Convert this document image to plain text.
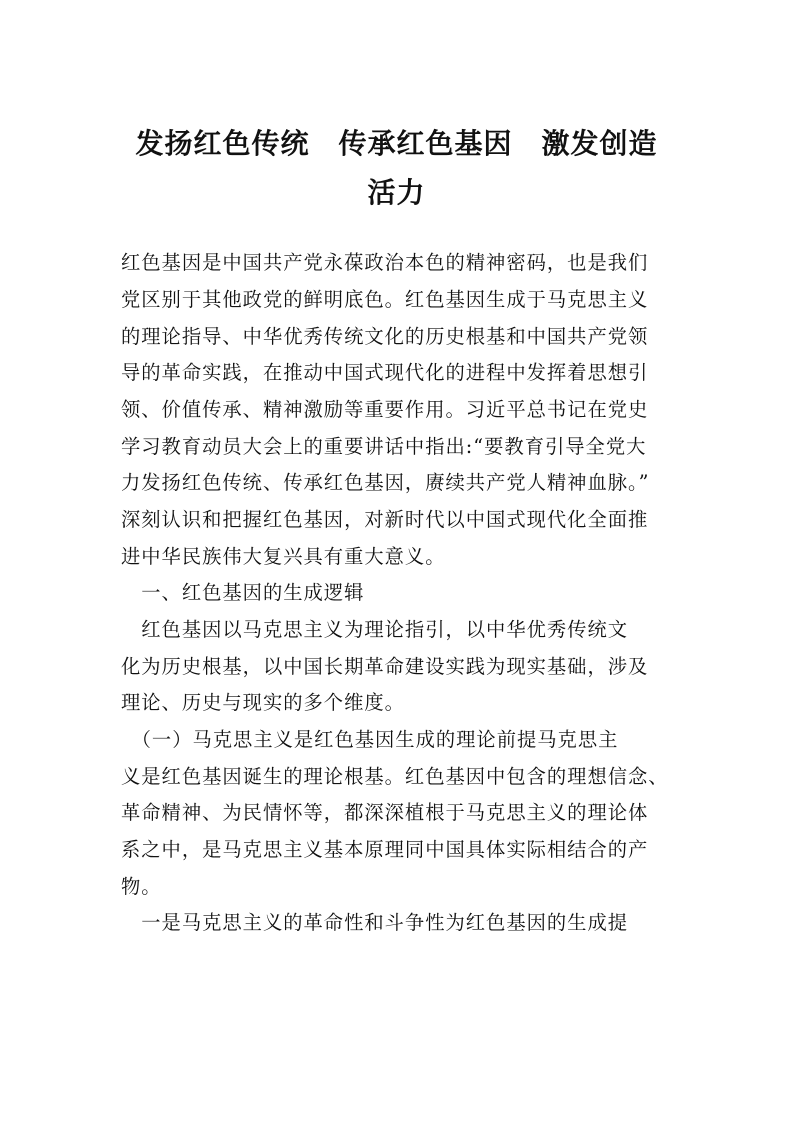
发扬红色传统　传承红色基因　激发创造
活力

红色基因是中国共产党永葆政治本色的精神密码，也是我们

党区别于其他政党的鲜明底色。红色基因生成于马克思主义

的理论指导、中华优秀传统文化的历史根基和中国共产党领

导的革命实践，在推动中国式现代化的进程中发挥着思想引

领、价值传承、精神激励等重要作用。习近平总书记在党史

学习教育动员大会上的重要讲话中指出:“要教育引导全党大

力发扬红色传统、传承红色基因，赓续共产党人精神血脉。”

深刻认识和把握红色基因，对新时代以中国式现代化全面推

进中华民族伟大复兴具有重大意义。

　一、红色基因的生成逻辑

　红色基因以马克思主义为理论指引，以中华优秀传统文

化为历史根基，以中国长期革命建设实践为现实基础，涉及

理论、历史与现实的多个维度。

　（一）马克思主义是红色基因生成的理论前提马克思主

义是红色基因诞生的理论根基。红色基因中包含的理想信念、

革命精神、为民情怀等，都深深植根于马克思主义的理论体

系之中，是马克思主义基本原理同中国具体实际相结合的产

物。

　一是马克思主义的革命性和斗争性为红色基因的生成提
